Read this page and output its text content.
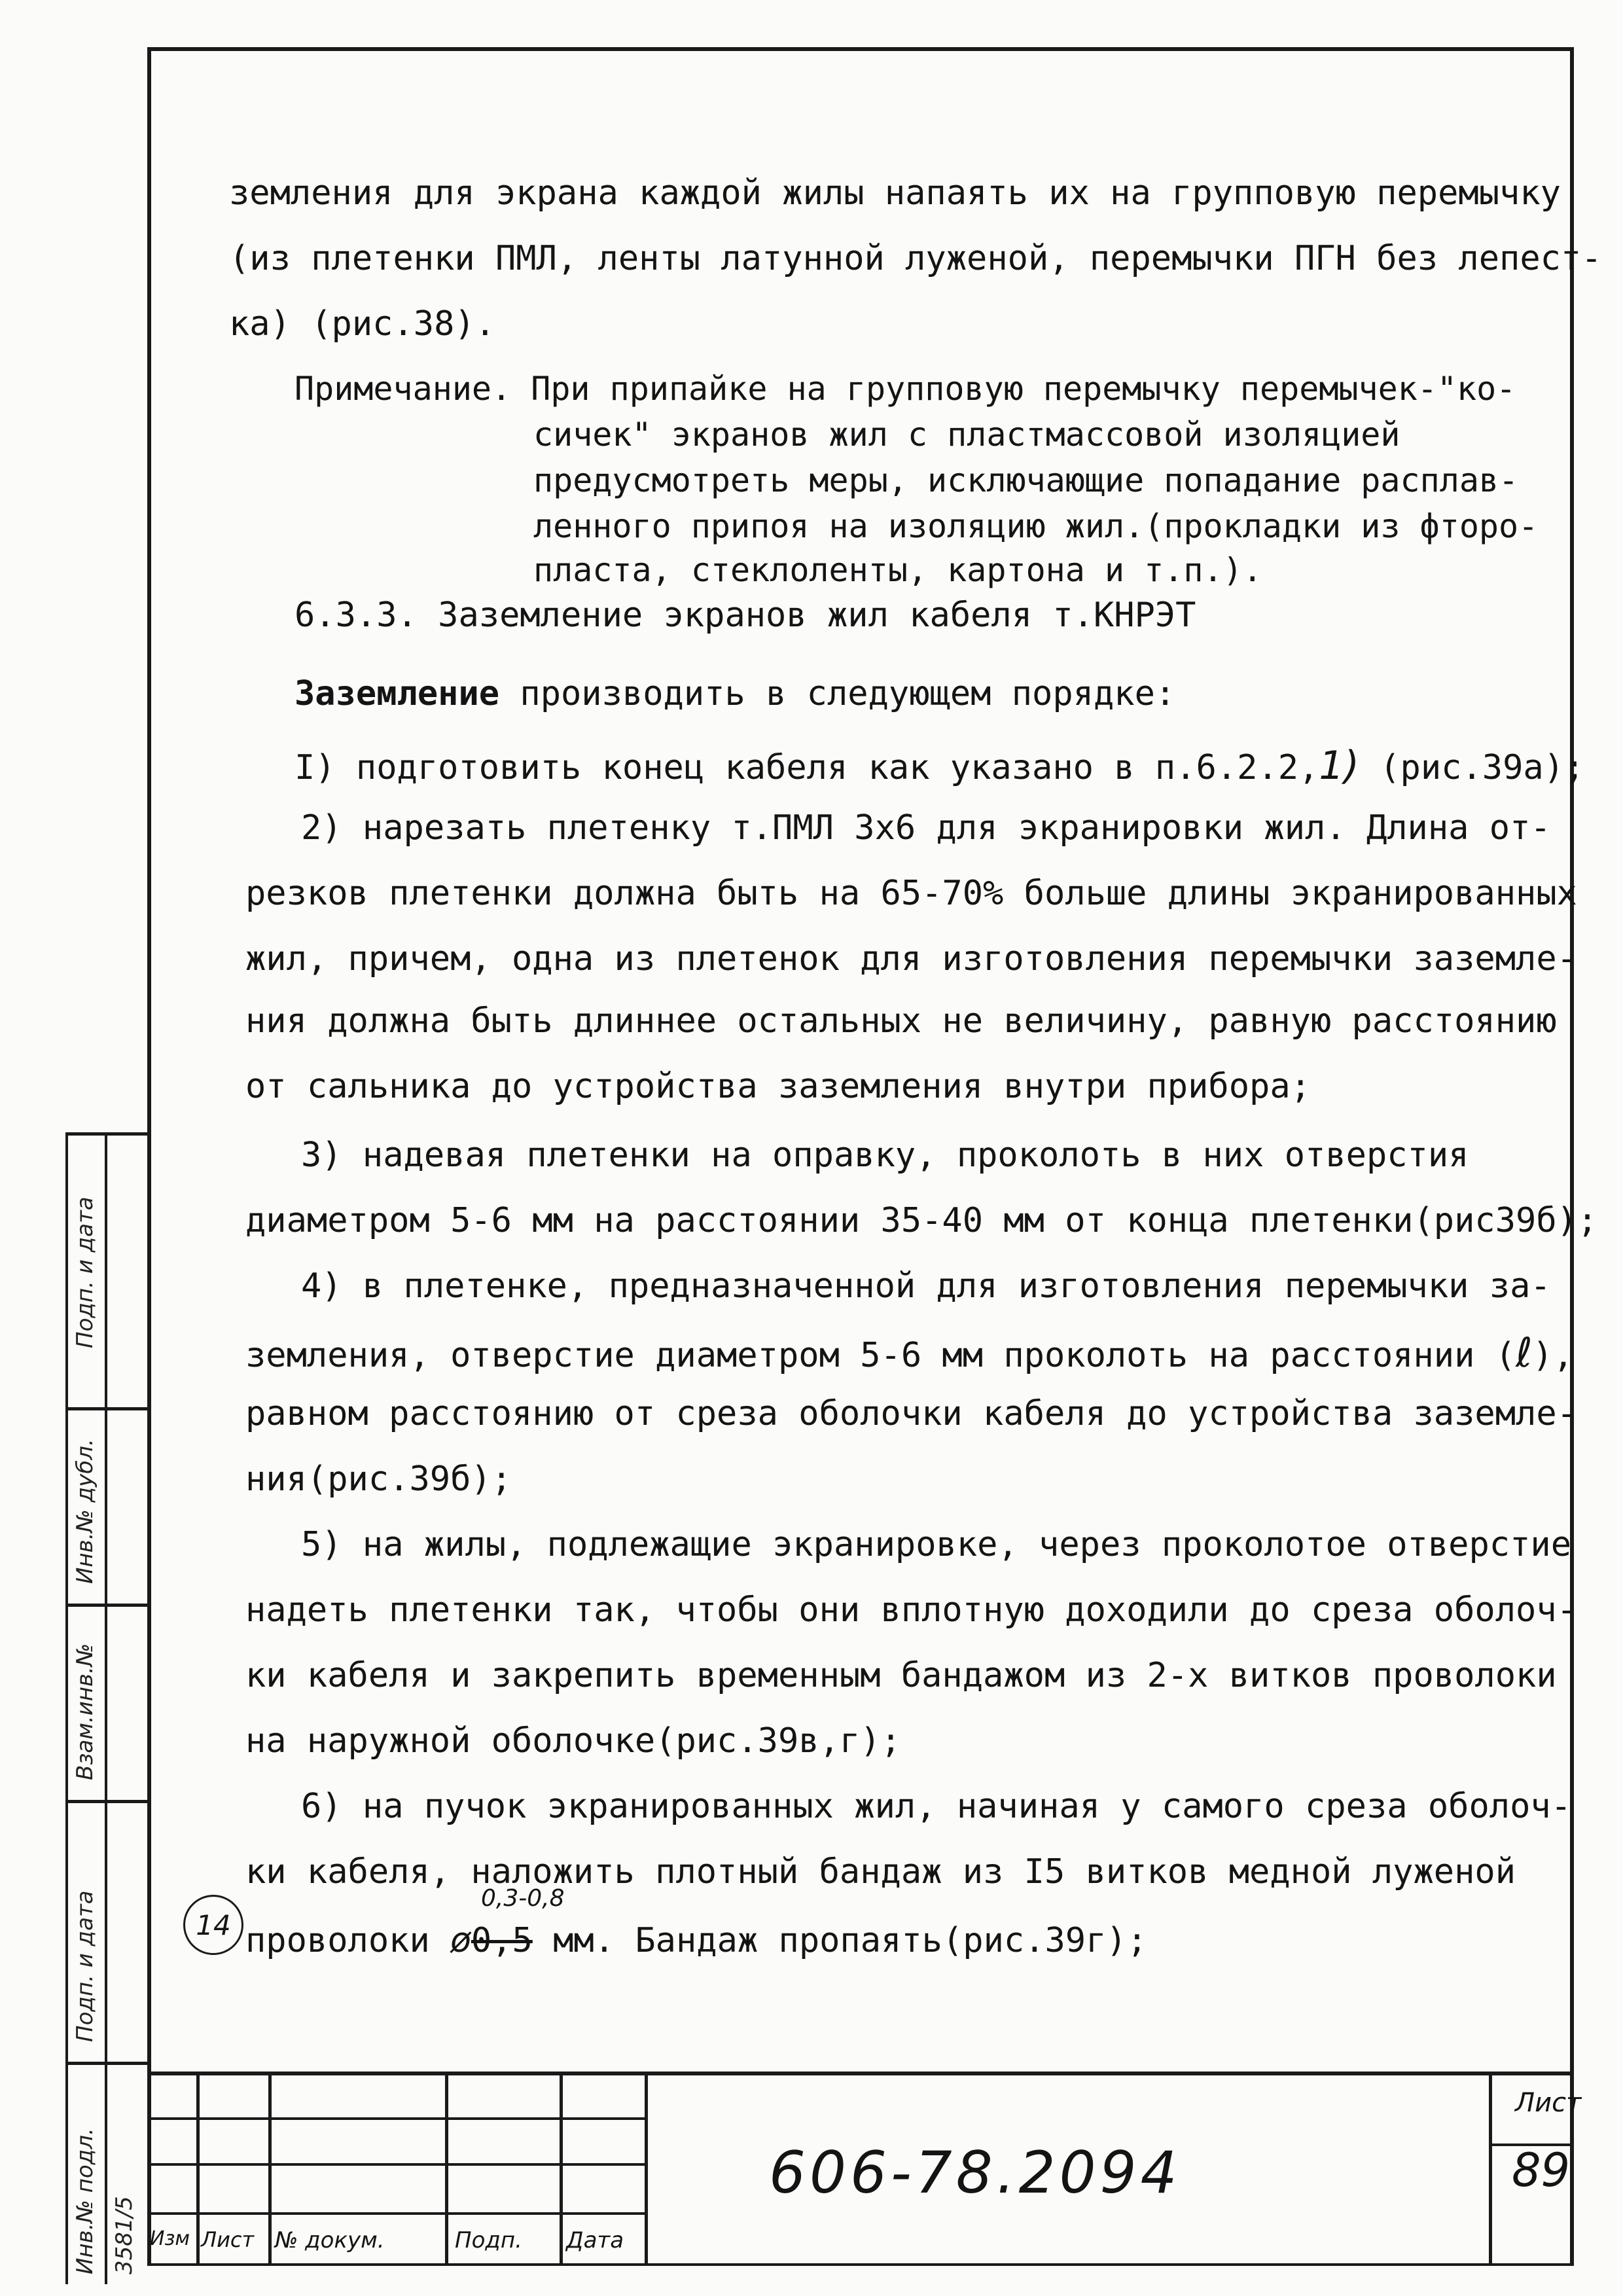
земления для экрана каждой жилы напаять их на групповую перемычку
(из плетенки ПМЛ, ленты латунной луженой, перемычки ПГН без лепест-
ка) (рис.38).
Примечание. При припайке на групповую перемычку перемычек-"ко-
сичек" экранов жил с пластмассовой изоляцией
предусмотреть меры, исключающие попадание расплав-
ленного припоя на изоляцию жил.(прокладки из фторо-
пласта, стеклоленты, картона и т.п.).
6.3.3. Заземление экранов жил кабеля т.КНРЭТ
Заземление производить в следующем порядке:
I) подготовить конец кабеля как указано в п.6.2.2,1) (рис.39а);
2) нарезать плетенку т.ПМЛ 3х6 для экранировки жил. Длина от-
резков плетенки должна быть на 65-70% больше длины экранированных
жил, причем, одна из плетенок для изготовления перемычки заземле-
ния должна быть длиннее остальных не величину, равную расстоянию
от сальника до устройства заземления внутри прибора;
3) надевая плетенки на оправку, проколоть в них отверстия
диаметром 5-6 мм на расстоянии 35-40 мм от конца плетенки(рис39б);
4) в плетенке, предназначенной для изготовления перемычки за-
земления, отверстие диаметром 5-6 мм проколоть на расстоянии (ℓ),
равном расстоянию от среза оболочки кабеля до устройства заземле-
ния(рис.39б);
5) на жилы, подлежащие экранировке, через проколотое отверстие
надеть плетенки так, чтобы они вплотную доходили до среза оболоч-
ки кабеля и закрепить временным бандажом из 2-х витков проволоки
на наружной оболочке(рис.39в,г);
6) на пучок экранированных жил, начиная у самого среза оболоч-
ки кабеля, наложить плотный бандаж из I5 витков медной луженой
0,3-0,8
проволоки ø0,5 мм. Бандаж пропаять(рис.39г);
14
Подп. и дата
Инв.№ дубл.
Взам.инв.№
Подп. и дата
Инв.№ подл. 3581/5 Изм Лист № докум.	Подп. Дата
606-78.2094
Лист
89
